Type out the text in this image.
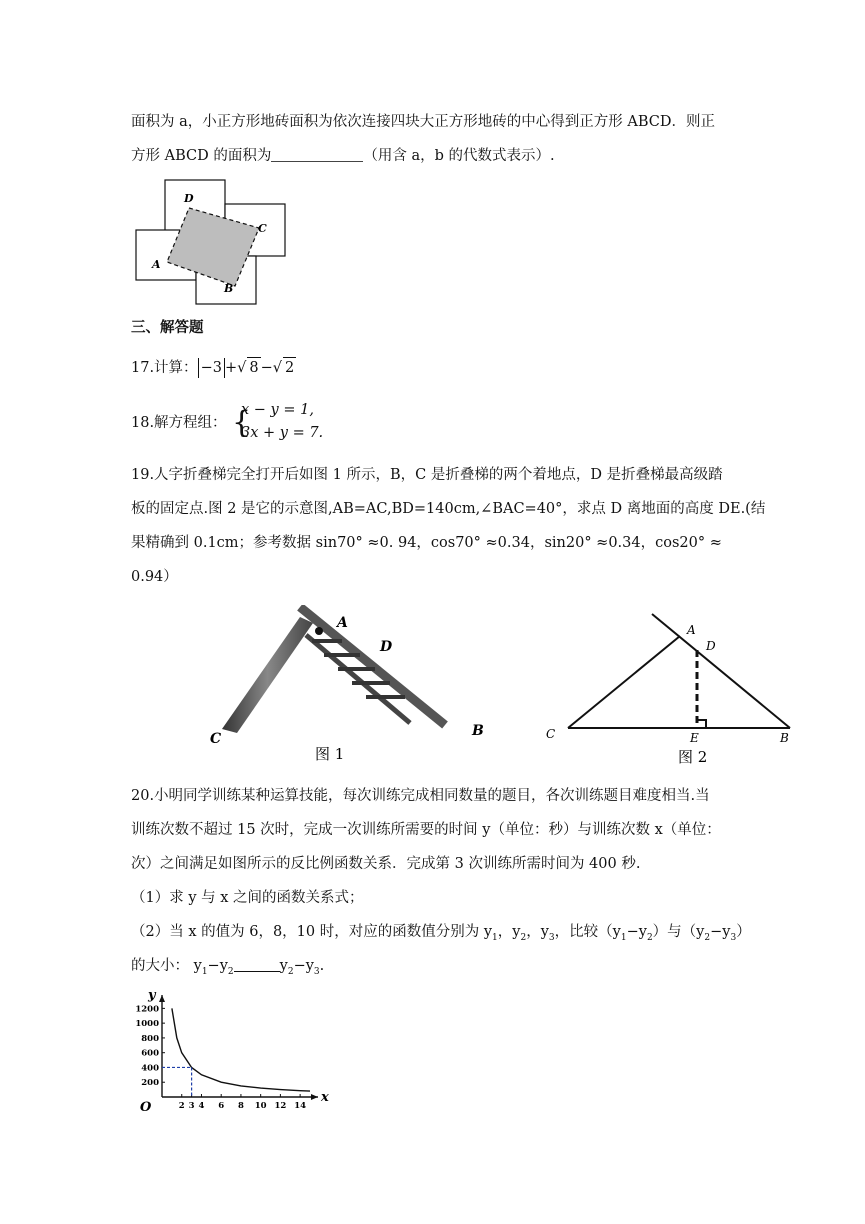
面积为 a，小正方形地砖面积为依次连接四块大正方形地砖的中心得到正方形 ABCD．则正
方形 ABCD 的面积为	（用含 a，b 的代数式表示）.
D
C
A
B
三、解答题
17.计算： −3 +√ 8 −√ 2
18.解方程组： {
x − y = 1,
3x + y = 7.
19.人字折叠梯完全打开后如图 1 所示，B，C 是折叠梯的两个着地点，D 是折叠梯最高级踏
板的固定点.图 2 是它的示意图,AB=AC,BD=140cm,∠BAC=40°，求点 D 离地面的高度 DE.(结
果精确到 0.1cm；参考数据 sin70° ≈0. 94，cos70° ≈0.34，sin20° ≈0.34，cos20° ≈
0.94）
A
D
C	B
图 1
A
D
C	E	B
图 2
20.小明同学训练某种运算技能，每次训练完成相同数量的题目，各次训练题目难度相当.当
训练次数不超过 15 次时，完成一次训练所需要的时间 y（单位：秒）与训练次数 x（单位：
次）之间满足如图所示的反比例函数关系．完成第 3 次训练所需时间为 400 秒.
（1）求 y 与 x 之间的函数关系式；
（2）当 x 的值为 6，8，10 时，对应的函数值分别为 $y_1$，$y_2$，$y_3$，比较$(y_1-y_2)$与$(y_2-y_3)$
的大小： $y_1-y_2$	$y_2-y_3$.
x
y
O	2 3 4 6 8 10 12 14
200
400
600
800
1000
1200
